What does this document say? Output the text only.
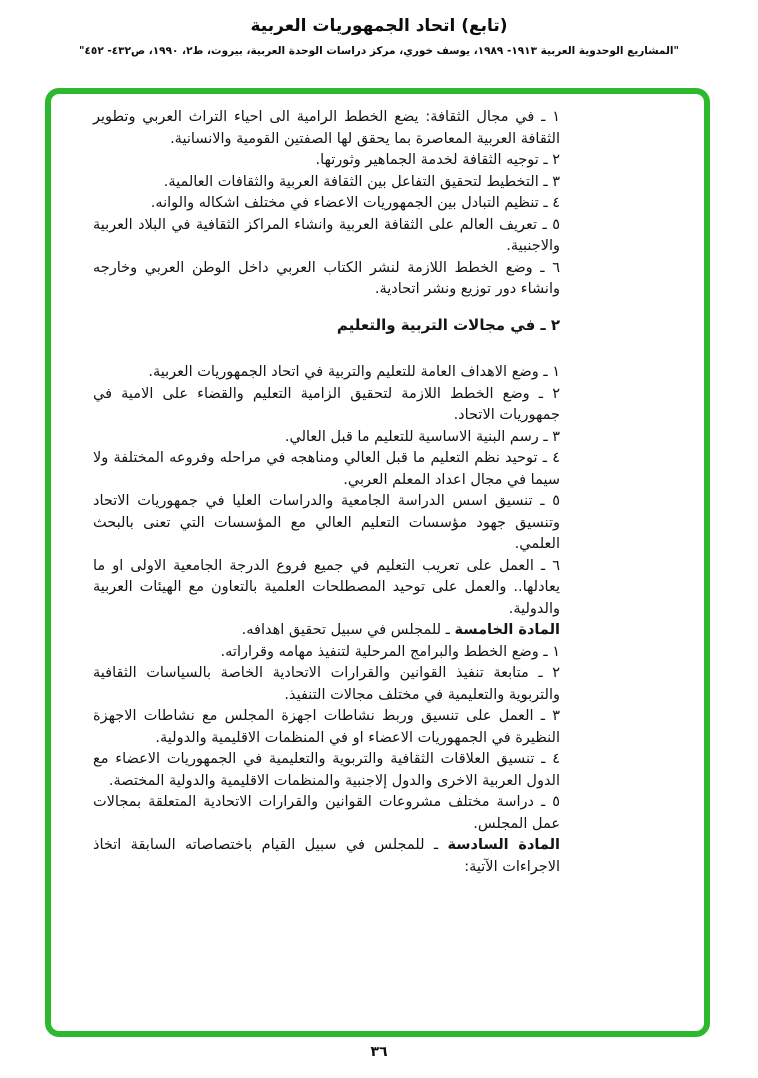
(تابع) اتحاد الجمهوريات العربية
"المشاريع الوحدوية العربية ١٩١٣- ١٩٨٩، يوسف خوري، مركز دراسات الوحدة العربية، بيروت، ط٢، ١٩٩٠، ص٤٣٢- ٤٥٢"

١ ـ في مجال الثقافة: يضع الخطط الرامية الى احياء التراث العربي وتطوير الثقافة العربية المعاصرة بما يحقق لها الصفتين القومية والانسانية.

٢ ـ توجيه الثقافة لخدمة الجماهير وثورتها.

٣ ـ التخطيط لتحقيق التفاعل بين الثقافة العربية والثقافات العالمية.

٤ ـ تنظيم التبادل بين الجمهوريات الاعضاء في مختلف اشكاله والوانه.

٥ ـ تعريف العالم على الثقافة العربية وانشاء المراكز الثقافية في البلاد العربية والاجنبية.

٦ ـ وضع الخطط اللازمة لنشر الكتاب العربي داخل الوطن العربي وخارجه وانشاء دور توزيع ونشر اتحادية.

٢ ـ في مجالات التربية والتعليم

١ ـ وضع الاهداف العامة للتعليم والتربية في اتحاد الجمهوريات العربية.

٢ ـ وضع الخطط اللازمة لتحقيق الزامية التعليم والقضاء على الامية في جمهوريات الاتحاد.

٣ ـ رسم البنية الاساسية للتعليم ما قبل العالي.

٤ ـ توحيد نظم التعليم ما قبل العالي ومناهجه في مراحله وفروعه المختلفة ولا سيما في مجال اعداد المعلم العربي.

٥ ـ تنسيق اسس الدراسة الجامعية والدراسات العليا في جمهوريات الاتحاد وتنسيق جهود مؤسسات التعليم العالي مع المؤسسات التي تعنى بالبحث العلمي.

٦ ـ العمل على تعريب التعليم في جميع فروع الدرجة الجامعية الاولى او ما يعادلها.. والعمل على توحيد المصطلحات العلمية بالتعاون مع الهيئات العربية والدولية.

المادة الخامسة ـ للمجلس في سبيل تحقيق اهدافه.

١ ـ وضع الخطط والبرامج المرحلية لتنفيذ مهامه وقراراته.

٢ ـ متابعة تنفيذ القوانين والقرارات الاتحادية الخاصة بالسياسات الثقافية والتربوية والتعليمية في مختلف مجالات التنفيذ.

٣ ـ العمل على تنسيق وربط نشاطات اجهزة المجلس مع نشاطات الاجهزة النظيرة في الجمهوريات الاعضاء او في المنظمات الاقليمية والدولية.

٤ ـ تنسيق العلاقات الثقافية والتربوية والتعليمية في الجمهوريات الاعضاء مع الدول العربية الاخرى والدول إلاجنبية والمنظمات الاقليمية والدولية المختصة.

٥ ـ دراسة مختلف مشروعات القوانين والقرارات الاتحادية المتعلقة بمجالات عمل المجلس.

المادة السادسة ـ للمجلس في سبيل القيام باختصاصاته السابقة اتخاذ الاجراءات الآتية:

٣٦
